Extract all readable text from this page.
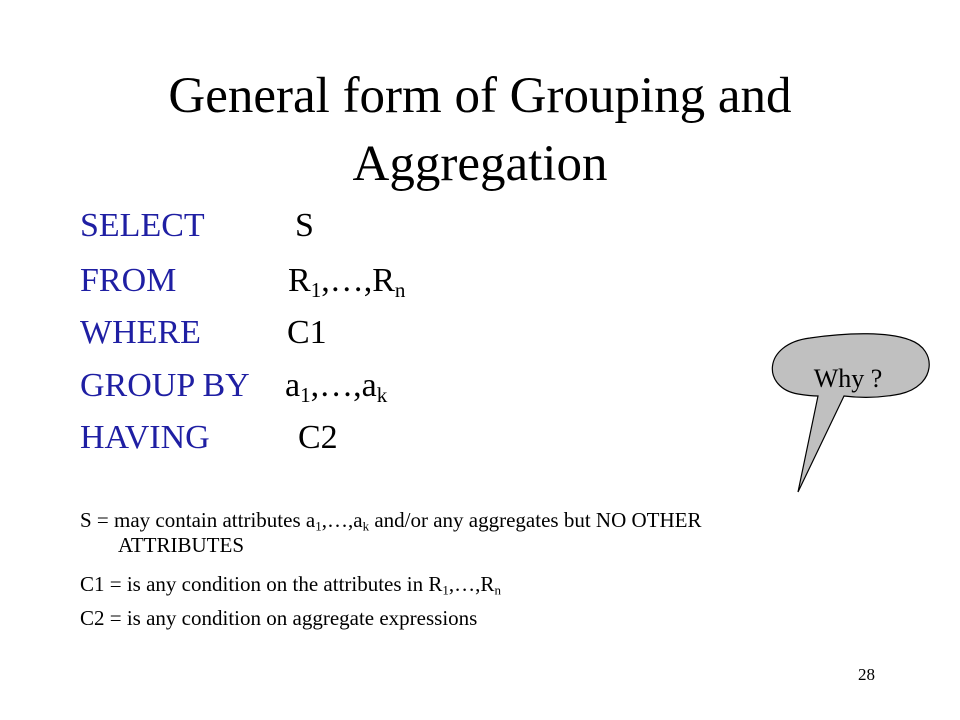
General form of Grouping and
Aggregation
SELECT	S
FROM	$R_1,\dots,R_n$
WHERE	C1
GROUP BY $a_1,\dots,a_k$
HAVING	C2
S = may contain attributes $a_1,\dots,a_k$ and/or any aggregates but NO OTHER
ATTRIBUTES
C1 = is any condition on the attributes in $R_1,\dots,R_n$
C2 = is any condition on aggregate expressions
Why ?
28
